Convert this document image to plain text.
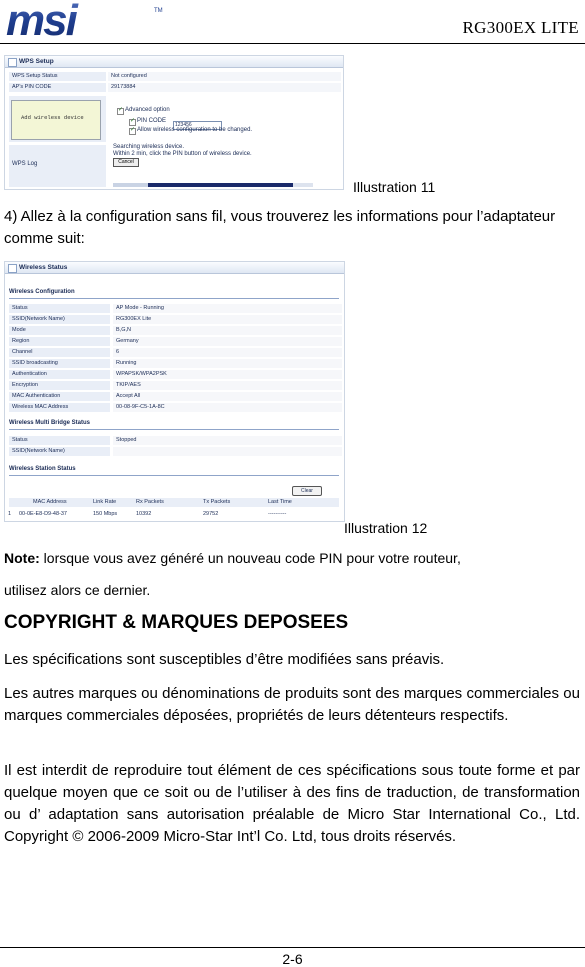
msi	TM
RG300EX LITE
WPS Setup
WPS Setup Status	Not configured
AP's PIN CODE	29173884
Add wireless device
✓
Advanced option
✓
PIN CODE
123456
✓
Allow wireless configuration to be changed.
WPS Log
Searching wireless device.
Within 2 min, click the PIN button of wireless device.
Cancel
Illustration 11
4) Allez à la configuration sans fil, vous trouverez les informations pour l’adaptateur
comme suit:
Wireless Status
Wireless Configuration
Status	AP Mode - Running
SSID(Network Name)	RG300EX Lite
Mode	B,G,N
Region	Germany
Channel	6
SSID broadcasting	Running
Authentication	WPAPSK/WPA2PSK
Encryption	TKIP/AES
MAC Authentication	Accept All
Wireless MAC Address	00-08-9F-C5-1A-8C
Wireless Multi Bridge Status
Status	Stopped
SSID(Network Name)
Wireless Station Status
Clear
MAC Address	Link Rate	Rx Packets	Tx Packets	Last Time
1 00-0E-E8-D9-48-37	150 Mbps	10392	29752	----------
Illustration 12
Note: lorsque vous avez généré un nouveau code PIN pour votre routeur,
utilisez alors ce dernier.
COPYRIGHT & MARQUES DEPOSEES
Les spécifications sont susceptibles d’être modifiées sans préavis.
Les autres marques ou dénominations de produits sont des marques commerciales ou marques commerciales déposées, propriétés de leurs détenteurs respectifs.
Il est interdit de reproduire tout élément de ces spécifications sous toute forme et par quelque moyen que ce soit ou de l’utiliser à des fins de traduction, de transformation ou d’ adaptation sans autorisation préalable de Micro Star International Co., Ltd. Copyright © 2006-2009 Micro-Star Int’l Co. Ltd, tous droits réservés.
2-6
